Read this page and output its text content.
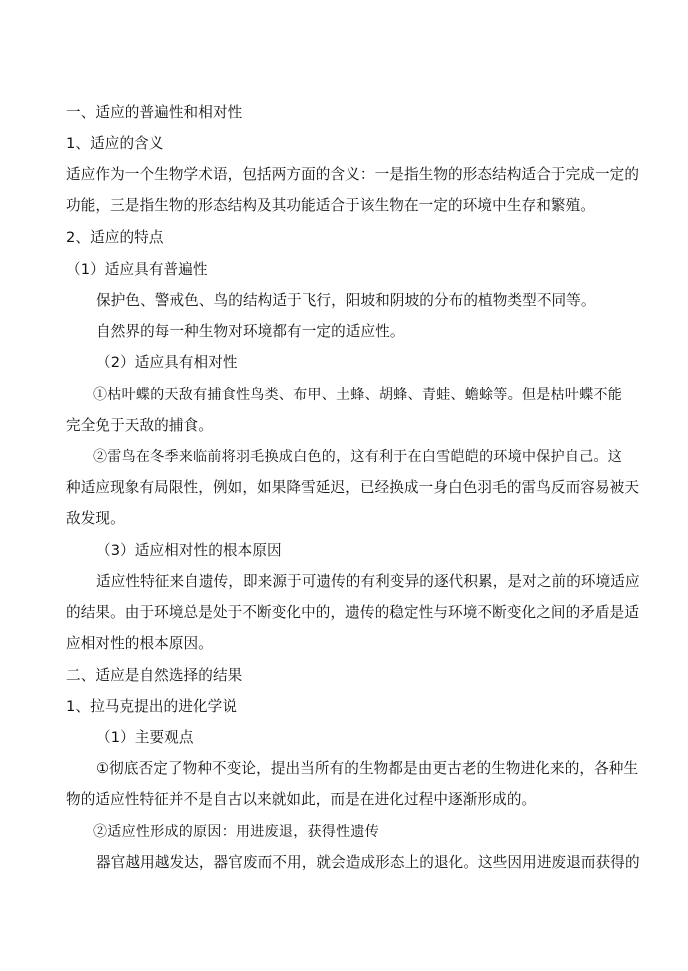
一、适应的普遍性和相对性
1、适应的含义
适应作为一个生物学术语，包括两方面的含义：一是指生物的形态结构适合于完成一定的
功能，三是指生物的形态结构及其功能适合于该生物在一定的环境中生存和繁殖。
2、适应的特点
（1）适应具有普遍性
保护色、警戒色、鸟的结构适于飞行，阳坡和阴坡的分布的植物类型不同等。
自然界的每一种生物对环境都有一定的适应性。
（2）适应具有相对性
①枯叶蝶的天敌有捕食性鸟类、布甲、土蜂、胡蜂、青蛙、蟾蜍等。但是枯叶蝶不能
完全免于天敌的捕食。
②雷鸟在冬季来临前将羽毛换成白色的，这有利于在白雪皑皑的环境中保护自己。这
种适应现象有局限性，例如，如果降雪延迟，已经换成一身白色羽毛的雷鸟反而容易被天
敌发现。
（3）适应相对性的根本原因
适应性特征来自遗传，即来源于可遗传的有利变异的逐代积累，是对之前的环境适应
的结果。由于环境总是处于不断变化中的，遗传的稳定性与环境不断变化之间的矛盾是适
应相对性的根本原因。
二、适应是自然选择的结果
1、拉马克提出的进化学说
（1）主要观点
①彻底否定了物种不变论，提出当所有的生物都是由更古老的生物进化来的，各种生
物的适应性特征并不是自古以来就如此，而是在进化过程中逐渐形成的。
②适应性形成的原因：用进废退，获得性遗传
器官越用越发达，器官废而不用，就会造成形态上的退化。这些因用进废退而获得的
